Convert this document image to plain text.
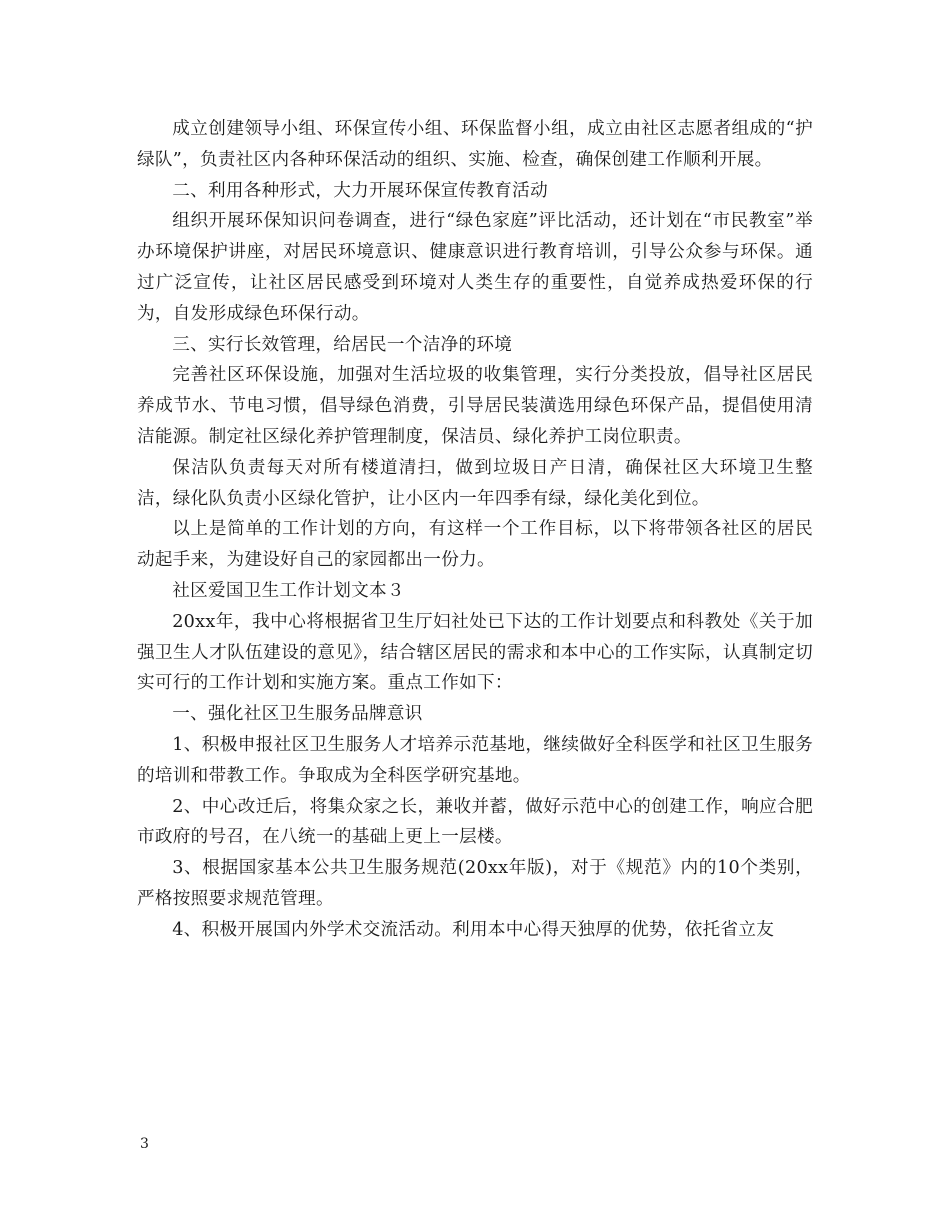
成立创建领导小组、环保宣传小组、环保监督小组，成立由社区志愿者组成的“护绿队”，负责社区内各种环保活动的组织、实施、检查，确保创建工作顺利开展。

二、利用各种形式，大力开展环保宣传教育活动

组织开展环保知识问卷调查，进行“绿色家庭”评比活动，还计划在“市民教室”举办环境保护讲座，对居民环境意识、健康意识进行教育培训，引导公众参与环保。通过广泛宣传，让社区居民感受到环境对人类生存的重要性，自觉养成热爱环保的行为，自发形成绿色环保行动。

三、实行长效管理，给居民一个洁净的环境

完善社区环保设施，加强对生活垃圾的收集管理，实行分类投放，倡导社区居民养成节水、节电习惯，倡导绿色消费，引导居民装潢选用绿色环保产品，提倡使用清洁能源。制定社区绿化养护管理制度，保洁员、绿化养护工岗位职责。

保洁队负责每天对所有楼道清扫，做到垃圾日产日清，确保社区大环境卫生整洁，绿化队负责小区绿化管护，让小区内一年四季有绿，绿化美化到位。

以上是简单的工作计划的方向，有这样一个工作目标，以下将带领各社区的居民动起手来，为建设好自己的家园都出一份力。

社区爱国卫生工作计划文本３

20xx年，我中心将根据省卫生厅妇社处已下达的工作计划要点和科教处《关于加强卫生人才队伍建设的意见》，结合辖区居民的需求和本中心的工作实际，认真制定切实可行的工作计划和实施方案。重点工作如下：

一、强化社区卫生服务品牌意识

1、积极申报社区卫生服务人才培养示范基地，继续做好全科医学和社区卫生服务的培训和带教工作。争取成为全科医学研究基地。

2、中心改迁后，将集众家之长，兼收并蓄，做好示范中心的创建工作，响应合肥市政府的号召，在八统一的基础上更上一层楼。

3、根据国家基本公共卫生服务规范(20xx年版)，对于《规范》内的10个类别，严格按照要求规范管理。

4、积极开展国内外学术交流活动。利用本中心得天独厚的优势，依托省立友

3
